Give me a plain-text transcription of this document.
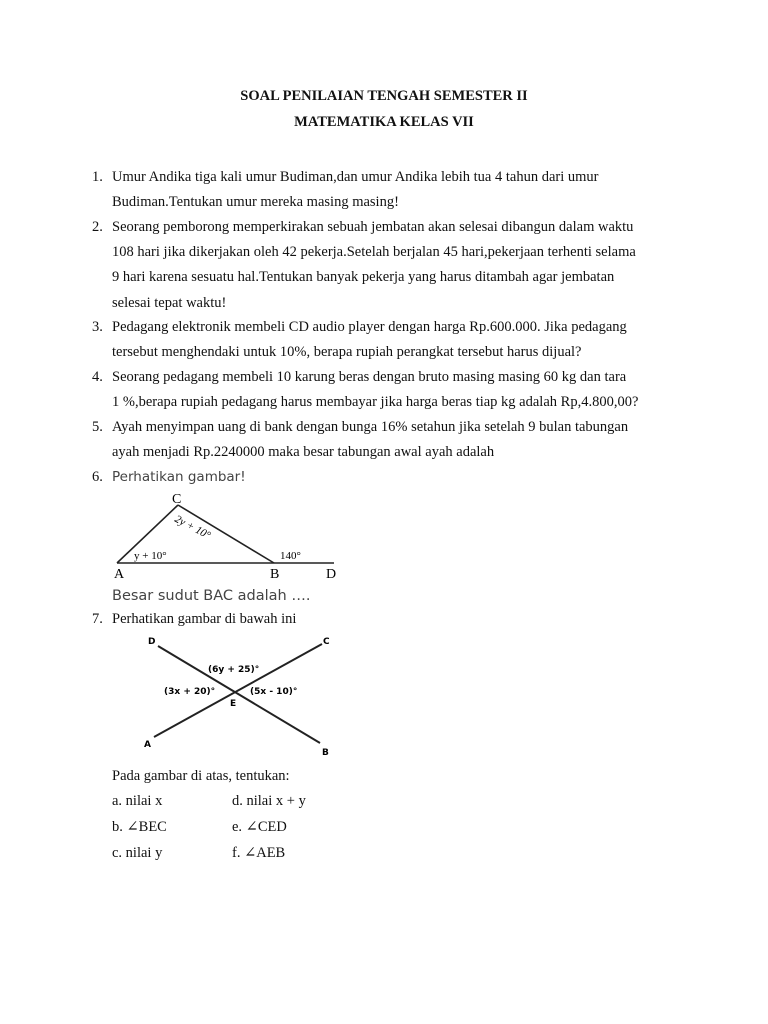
SOAL PENILAIAN TENGAH SEMESTER II
MATEMATIKA KELAS VII
1. Umur Andika tiga kali umur Budiman,dan umur Andika lebih tua 4 tahun dari umur
Budiman.Tentukan umur mereka masing masing!
2. Seorang pemborong memperkirakan sebuah jembatan akan selesai dibangun dalam waktu
108 hari jika dikerjakan oleh 42 pekerja.Setelah berjalan 45 hari,pekerjaan terhenti selama
9 hari karena sesuatu hal.Tentukan banyak pekerja yang harus ditambah agar jembatan
selesai tepat waktu!
3. Pedagang elektronik membeli CD audio player dengan harga Rp.600.000. Jika pedagang
tersebut menghendaki untuk 10%, berapa rupiah perangkat tersebut harus dijual?
4. Seorang pedagang membeli 10 karung beras dengan bruto masing masing 60 kg dan tara
1 %,berapa rupiah pedagang harus membayar jika harga beras tiap kg adalah Rp,4.800,00?
5. Ayah menyimpan uang di bank dengan bunga 16% setahun jika setelah 9 bulan tabungan
ayah menjadi Rp.2240000 maka besar tabungan awal ayah adalah
6. Perhatikan gambar!
C
A	B	D
2y + 10°
y + 10°	140°
Besar sudut BAC adalah ….
7. Perhatikan gambar di bawah ini
D	C
A
B
E
(6y + 25)°
(3x + 20)°	(5x - 10)°
Pada gambar di atas, tentukan:
a. nilai x
b. ∠BEC
c. nilai y
d. nilai x + y
e. ∠CED
f. ∠AEB
